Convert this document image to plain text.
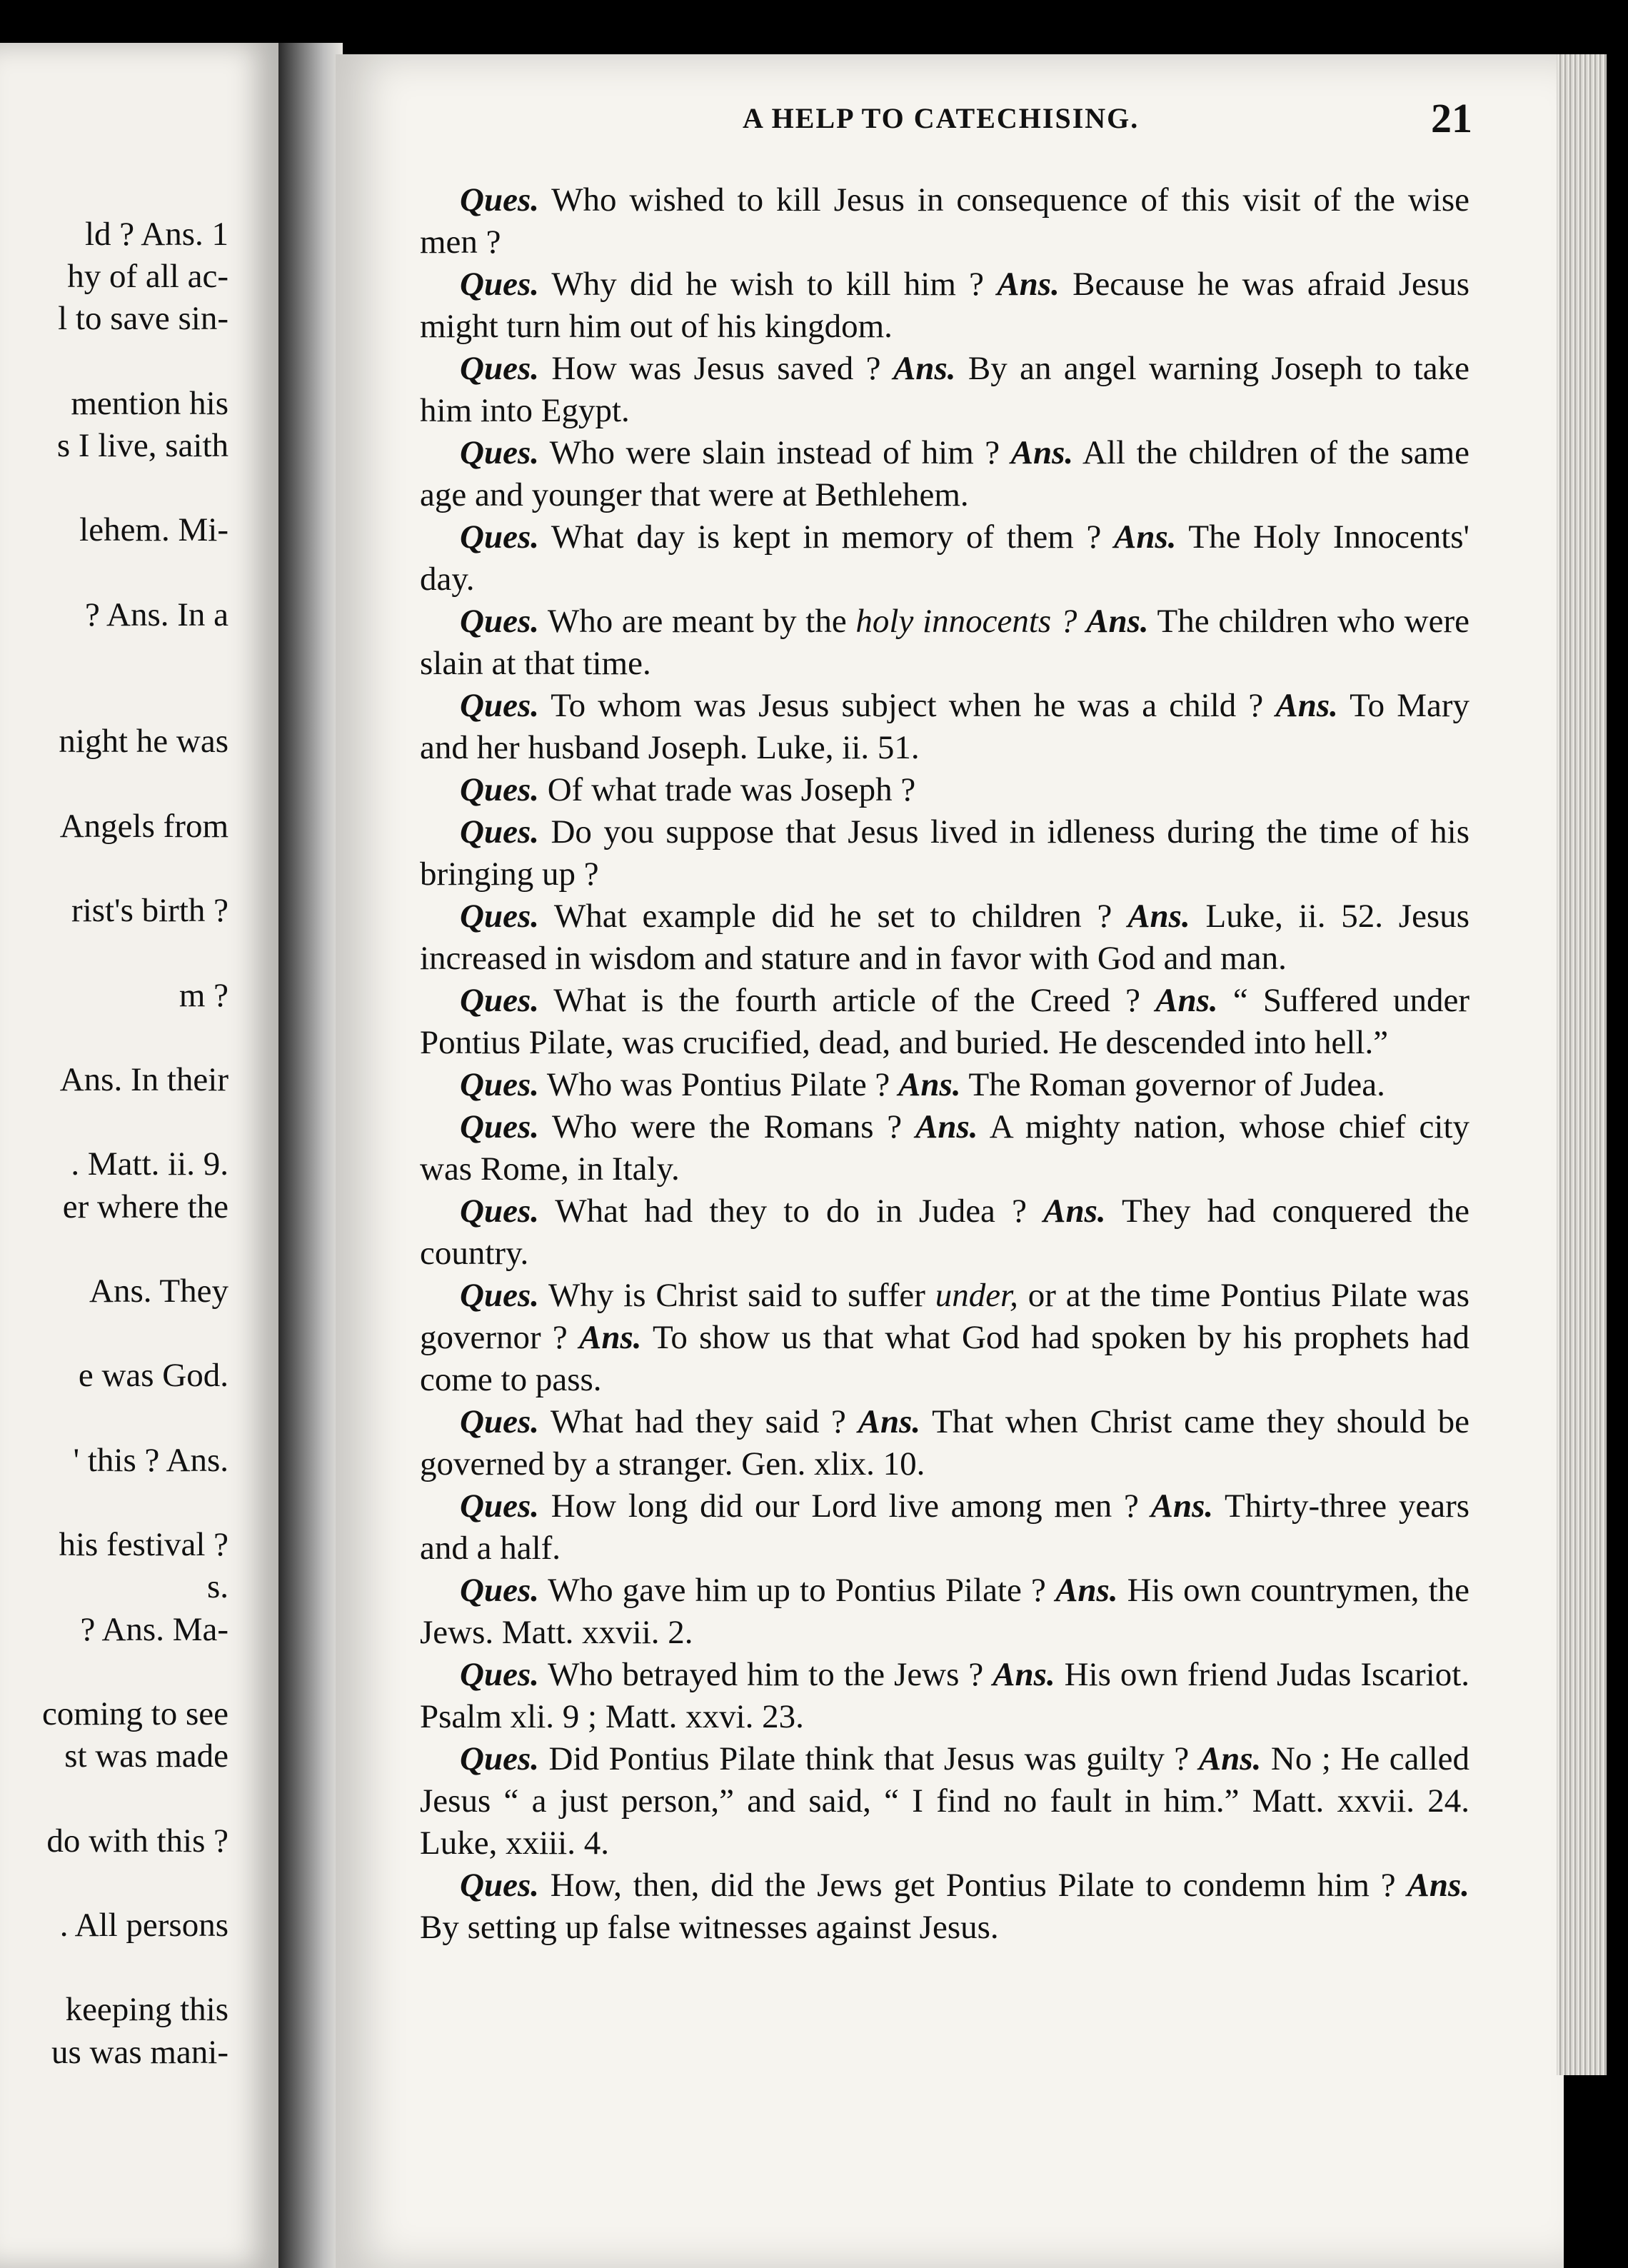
ld ? Ans. 1
hy of all ac-
l to save sin-
mention his
s I live, saith
lehem. Mi-
? Ans. In a
night he was
Angels from
rist's birth ?
m ?
Ans. In their
. Matt. ii. 9.
er where the
Ans. They
e was God.
' this ? Ans.
his festival ?
s.
? Ans. Ma-
coming to see
st was made
do with this ?
. All persons
keeping this
us was mani-
A HELP TO CATECHISING.	21

Ques. Who wished to kill Jesus in consequence of this visit of the wise men ?

Ques. Why did he wish to kill him ? Ans. Because he was afraid Jesus might turn him out of his kingdom.

Ques. How was Jesus saved ? Ans. By an angel warning Joseph to take him into Egypt.

Ques. Who were slain instead of him ? Ans. All the children of the same age and younger that were at Bethlehem.

Ques. What day is kept in memory of them ? Ans. The Holy Innocents' day.

Ques. Who are meant by the holy innocents ? Ans. The children who were slain at that time.

Ques. To whom was Jesus subject when he was a child ? Ans. To Mary and her husband Joseph. Luke, ii. 51.

Ques. Of what trade was Joseph ?

Ques. Do you suppose that Jesus lived in idleness during the time of his bringing up ?

Ques. What example did he set to children ? Ans. Luke, ii. 52. Jesus increased in wisdom and stature and in favor with God and man.

Ques. What is the fourth article of the Creed ? Ans. “ Suffered under Pontius Pilate, was crucified, dead, and buried. He descended into hell.”

Ques. Who was Pontius Pilate ? Ans. The Roman governor of Judea.

Ques. Who were the Romans ? Ans. A mighty nation, whose chief city was Rome, in Italy.

Ques. What had they to do in Judea ? Ans. They had conquered the country.

Ques. Why is Christ said to suffer under, or at the time Pontius Pilate was governor ? Ans. To show us that what God had spoken by his prophets had come to pass.

Ques. What had they said ? Ans. That when Christ came they should be governed by a stranger. Gen. xlix. 10.

Ques. How long did our Lord live among men ? Ans. Thirty-three years and a half.

Ques. Who gave him up to Pontius Pilate ? Ans. His own countrymen, the Jews. Matt. xxvii. 2.

Ques. Who betrayed him to the Jews ? Ans. His own friend Judas Iscariot. Psalm xli. 9 ; Matt. xxvi. 23.

Ques. Did Pontius Pilate think that Jesus was guilty ? Ans. No ; He called Jesus “ a just person,” and said, “ I find no fault in him.” Matt. xxvii. 24. Luke, xxiii. 4.

Ques. How, then, did the Jews get Pontius Pilate to condemn him ? Ans. By setting up false witnesses against Jesus.
